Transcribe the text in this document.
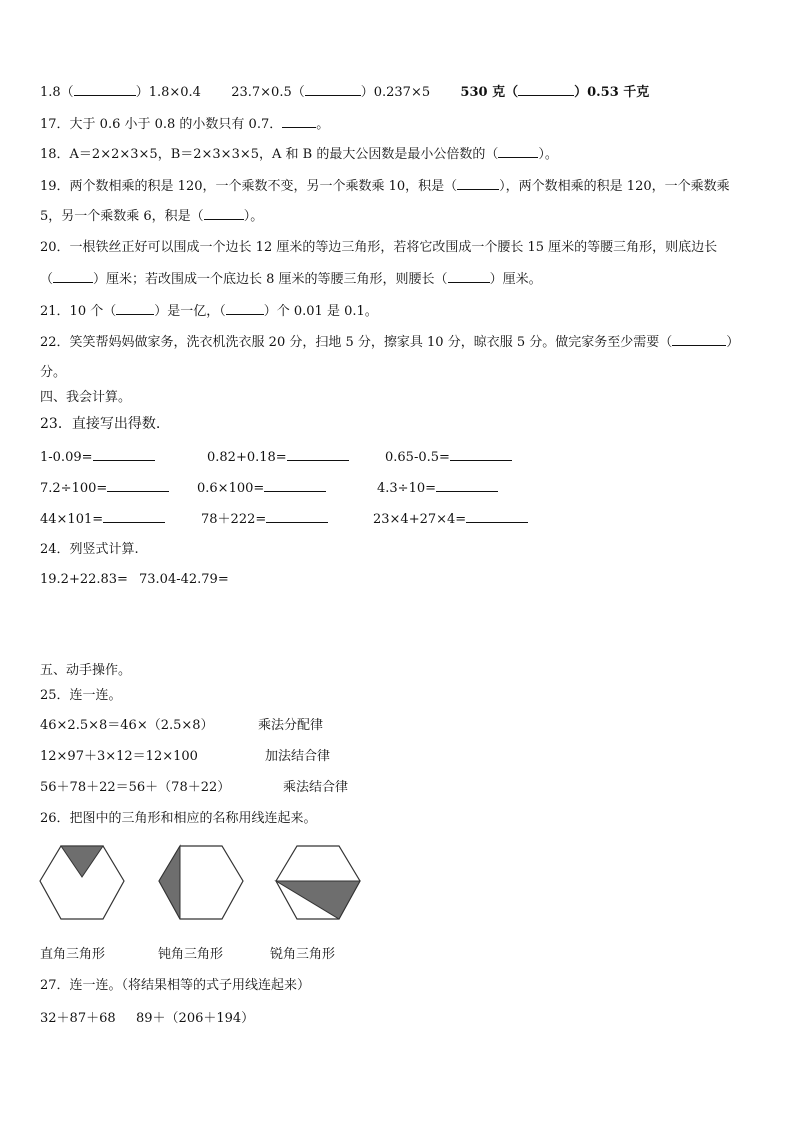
1.8（	）1.8×0.4 23.7×0.5（	）0.237×5 530 克（	）0.53 千克
17．大于 0.6 小于 0.8 的小数只有 0.7．	。
18．A＝2×2×3×5，B＝2×3×3×5，A 和 B 的最大公因数是最小公倍数的（	）。
19．两个数相乘的积是 120，一个乘数不变，另一个乘数乘 10，积是（	），两个数相乘的积是 120，一个乘数乘
5，另一个乘数乘 6，积是（	）。
20．一根铁丝正好可以围成一个边长 12 厘米的等边三角形，若将它改围成一个腰长 15 厘米的等腰三角形，则底边长
（	）厘米；若改围成一个底边长 8 厘米的等腰三角形，则腰长（	）厘米。
21．10 个（	）是一亿，（	）个 0.01 是 0.1。
22．笑笑帮妈妈做家务，洗衣机洗衣服 20 分，扫地 5 分，擦家具 10 分，晾衣服 5 分。做完家务至少需要（	）
分。
四、我会计算。
23．直接写出得数.
1-0.09=	0.82+0.18=	0.65-0.5=
7.2÷100=	0.6×100=	4.3÷10=
44×101=	78＋222=	23×4+27×4=
24．列竖式计算.
19.2+22.83= 73.04-42.79=
五、动手操作。
25．连一连。
46×2.5×8＝46×（2.5×8）	乘法分配律
12×97＋3×12＝12×100	加法结合律
56＋78＋22＝56＋（78＋22）	乘法结合律
26．把图中的三角形和相应的名称用线连起来。
直角三角形	钝角三角形	锐角三角形
27．连一连。（将结果相等的式子用线连起来）
32＋87＋68 89＋（206＋194）
